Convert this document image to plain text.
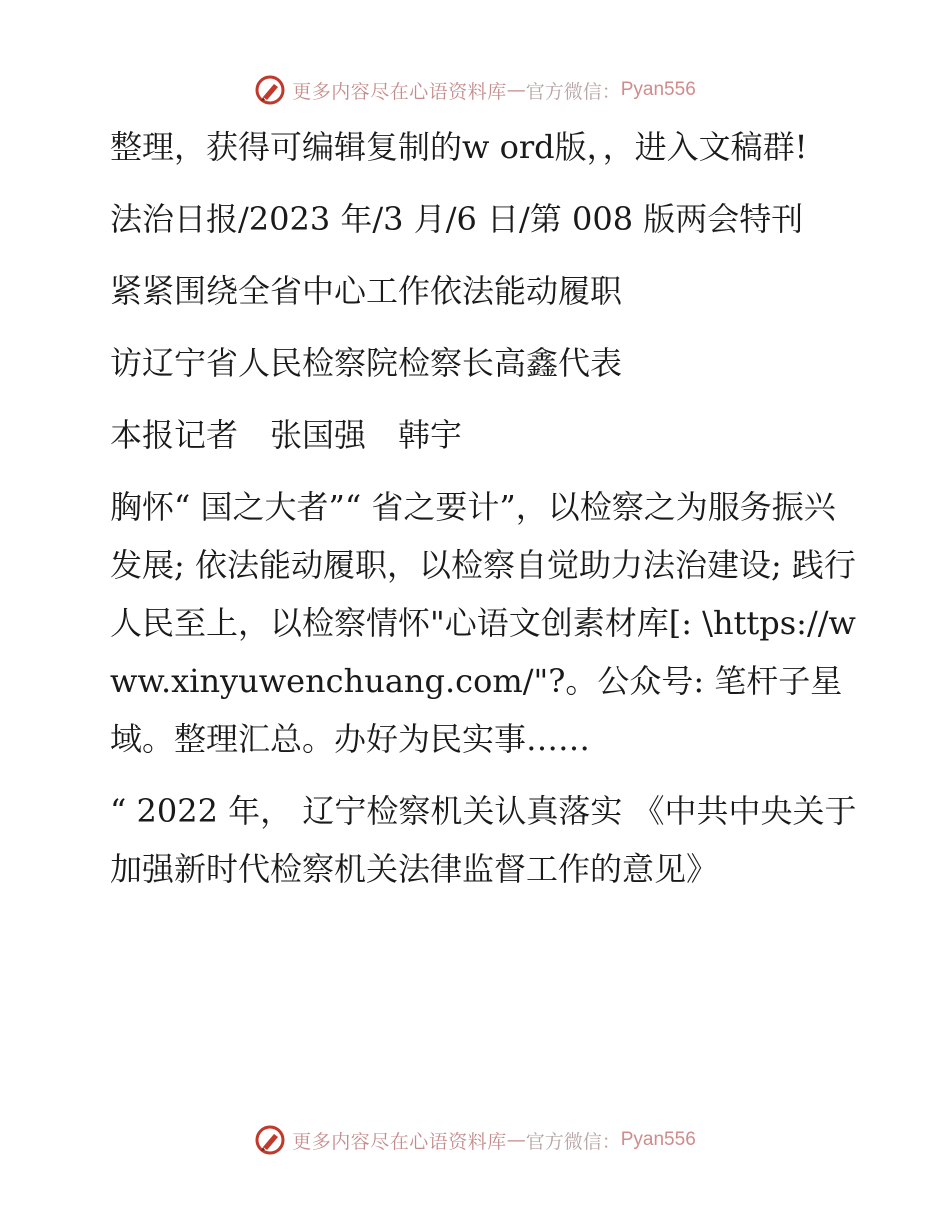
更多内容尽在心语资料库 — 官方微信： Pyan556

整理，获得可编辑复制的w ord版，，进入文稿群!

法治日报/2023 年/3 月/6 日/第 008 版两会特刊

紧紧围绕全省中心工作依法能动履职

访辽宁省人民检察院检察长高鑫代表

本报记者　张国强　韩宇

胸怀“ 国之大者”“ 省之要计”，以检察之为服务振兴发展; 依法能动履职，以检察自觉助力法治建设; 践行人民至上，以检察情怀"心语文创素材库[: \https://www.xinyuwenchuang.com/"?。公众号: 笔杆子星域。整理汇总。办好为民实事……

“ 2022 年， 辽宁检察机关认真落实 《中共中央关于加强新时代检察机关法律监督工作的意见》

更多内容尽在心语资料库 — 官方微信： Pyan556
